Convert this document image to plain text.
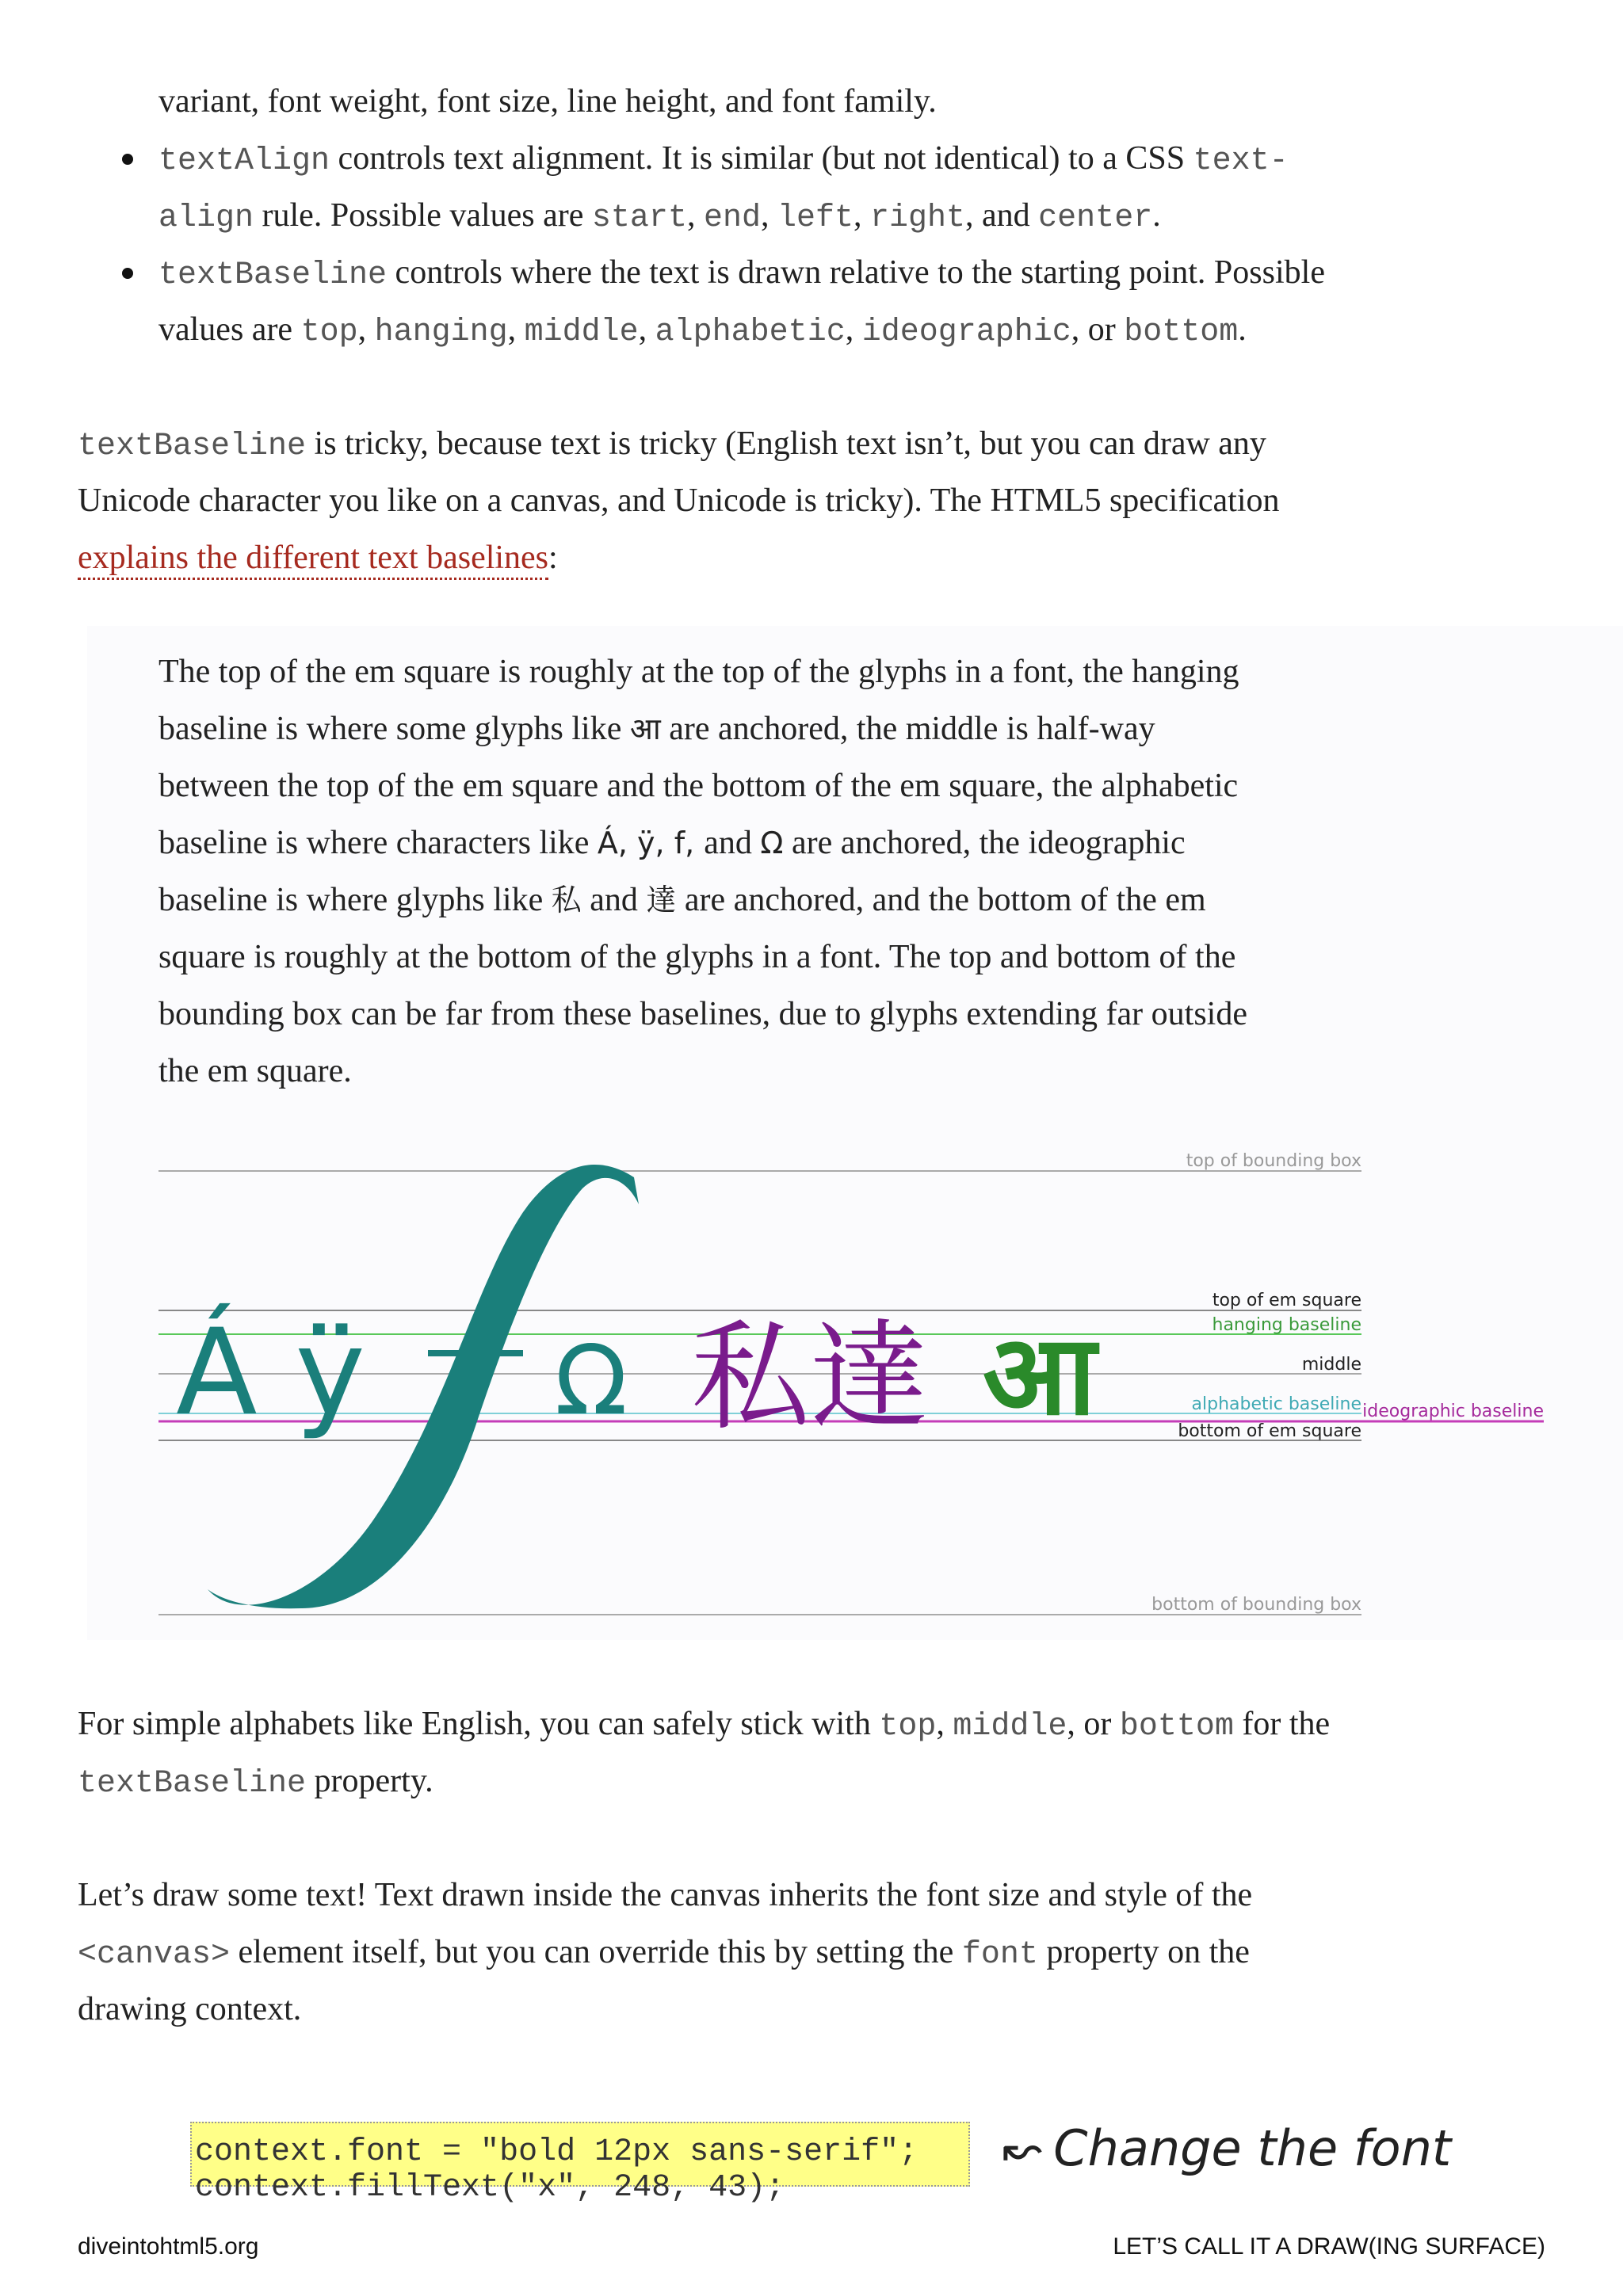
variant, font weight, font size, line height, and font family.
textAlign controls text alignment. It is similar (but not identical) to a CSS text-
align rule. Possible values are start, end, left, right, and center.
textBaseline controls where the text is drawn relative to the starting point. Possible
values are top, hanging, middle, alphabetic, ideographic, or bottom.
textBaseline is tricky, because text is tricky (English text isn’t, but you can draw any
Unicode character you like on a canvas, and Unicode is tricky). The HTML5 specification
explains the different text baselines:
The top of the em square is roughly at the top of the glyphs in a font, the hanging
baseline is where some glyphs like आ are anchored, the middle is half-way
between the top of the em square and the bottom of the em square, the alphabetic
baseline is where characters like Á, ÿ, f, and Ω are anchored, the ideographic
baseline is where glyphs like 私 and 達 are anchored, and the bottom of the em
square is roughly at the bottom of the glyphs in a font. The top and bottom of the
bounding box can be far from these baselines, due to glyphs extending far outside
the em square.
Á ÿ Ω 私達 आ
top of bounding box
top of em square
hanging baseline
middle
alphabetic baseline
bottom of em square
ideographic baseline
bottom of bounding box
For simple alphabets like English, you can safely stick with top, middle, or bottom for the
textBaseline property.
Let’s draw some text! Text drawn inside the canvas inherits the font size and style of the
<canvas> element itself, but you can override this by setting the font property on the
drawing context.
context.font = "bold 12px sans-serif"; ↜ Change the font
context.fillText("x", 248, 43);
diveintohtml5.org	LET’S CALL IT A DRAW(ING SURFACE)
